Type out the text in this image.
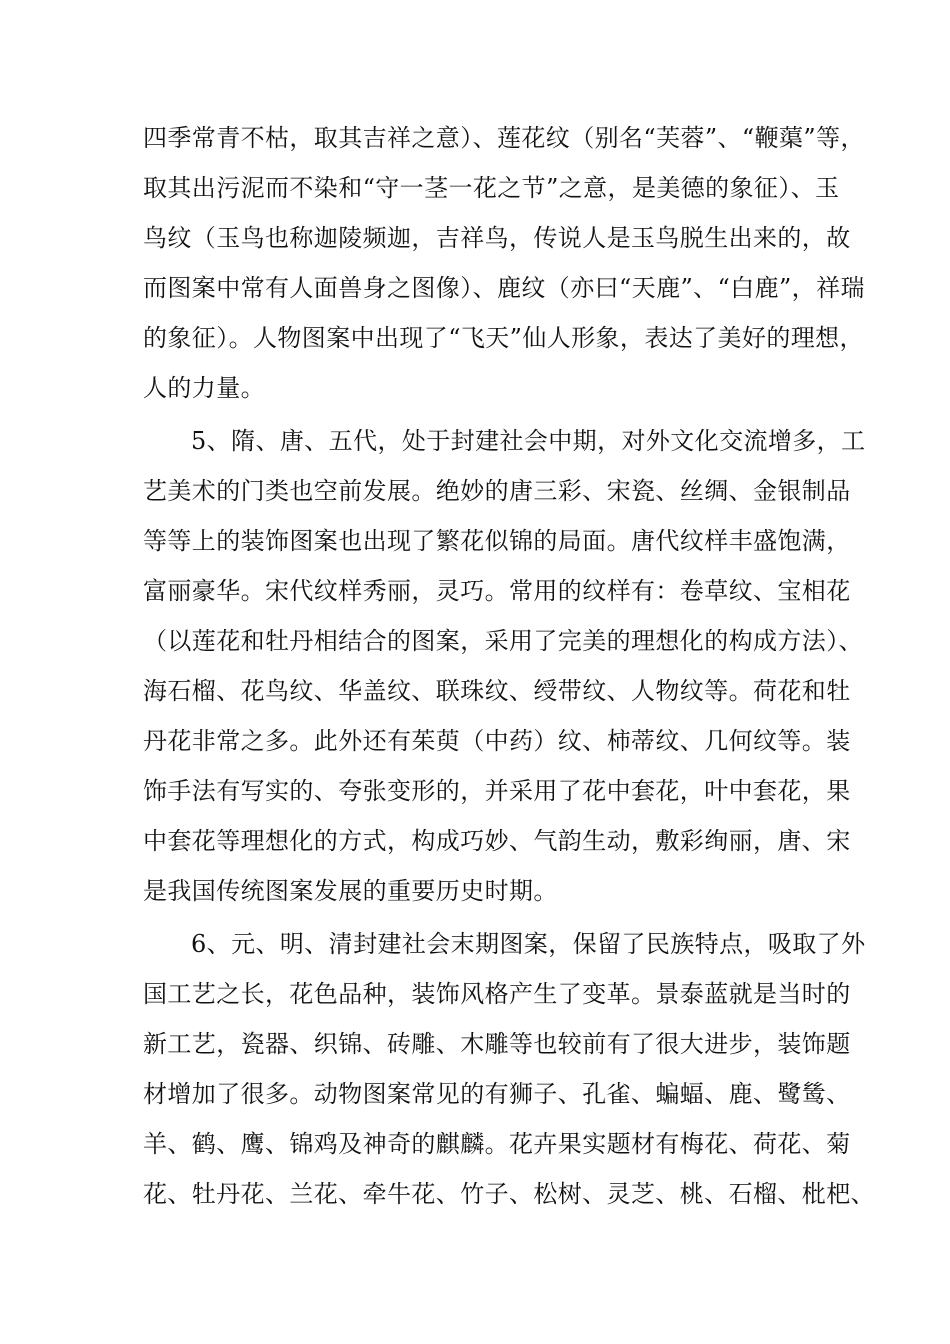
四季常青不枯，取其吉祥之意）、莲花纹（别名“芙蓉”、“鞭蕖”等，
取其出污泥而不染和“守一茎一花之节”之意，是美德的象征）、玉
鸟纹（玉鸟也称迦陵频迦，吉祥鸟，传说人是玉鸟脱生出来的，故
而图案中常有人面兽身之图像）、鹿纹（亦曰“天鹿”、“白鹿”，祥瑞
的象征）。人物图案中出现了“飞天”仙人形象，表达了美好的理想，
人的力量。
5、隋、唐、五代，处于封建社会中期，对外文化交流增多，工
艺美术的门类也空前发展。绝妙的唐三彩、宋瓷、丝绸、金银制品
等等上的装饰图案也出现了繁花似锦的局面。唐代纹样丰盛饱满，
富丽豪华。宋代纹样秀丽，灵巧。常用的纹样有：卷草纹、宝相花
（以莲花和牡丹相结合的图案，采用了完美的理想化的构成方法）、
海石榴、花鸟纹、华盖纹、联珠纹、绶带纹、人物纹等。荷花和牡
丹花非常之多。此外还有茱萸（中药）纹、柿蒂纹、几何纹等。装
饰手法有写实的、夸张变形的，并采用了花中套花，叶中套花，果
中套花等理想化的方式，构成巧妙、气韵生动，敷彩绚丽，唐、宋
是我国传统图案发展的重要历史时期。
6、元、明、清封建社会末期图案，保留了民族特点，吸取了外
国工艺之长，花色品种，装饰风格产生了变革。景泰蓝就是当时的
新工艺，瓷器、织锦、砖雕、木雕等也较前有了很大进步，装饰题
材增加了很多。动物图案常见的有狮子、孔雀、蝙蝠、鹿、鹭鸶、
羊、鹤、鹰、锦鸡及神奇的麒麟。花卉果实题材有梅花、荷花、菊
花、牡丹花、兰花、牵牛花、竹子、松树、灵芝、桃、石榴、枇杷、
